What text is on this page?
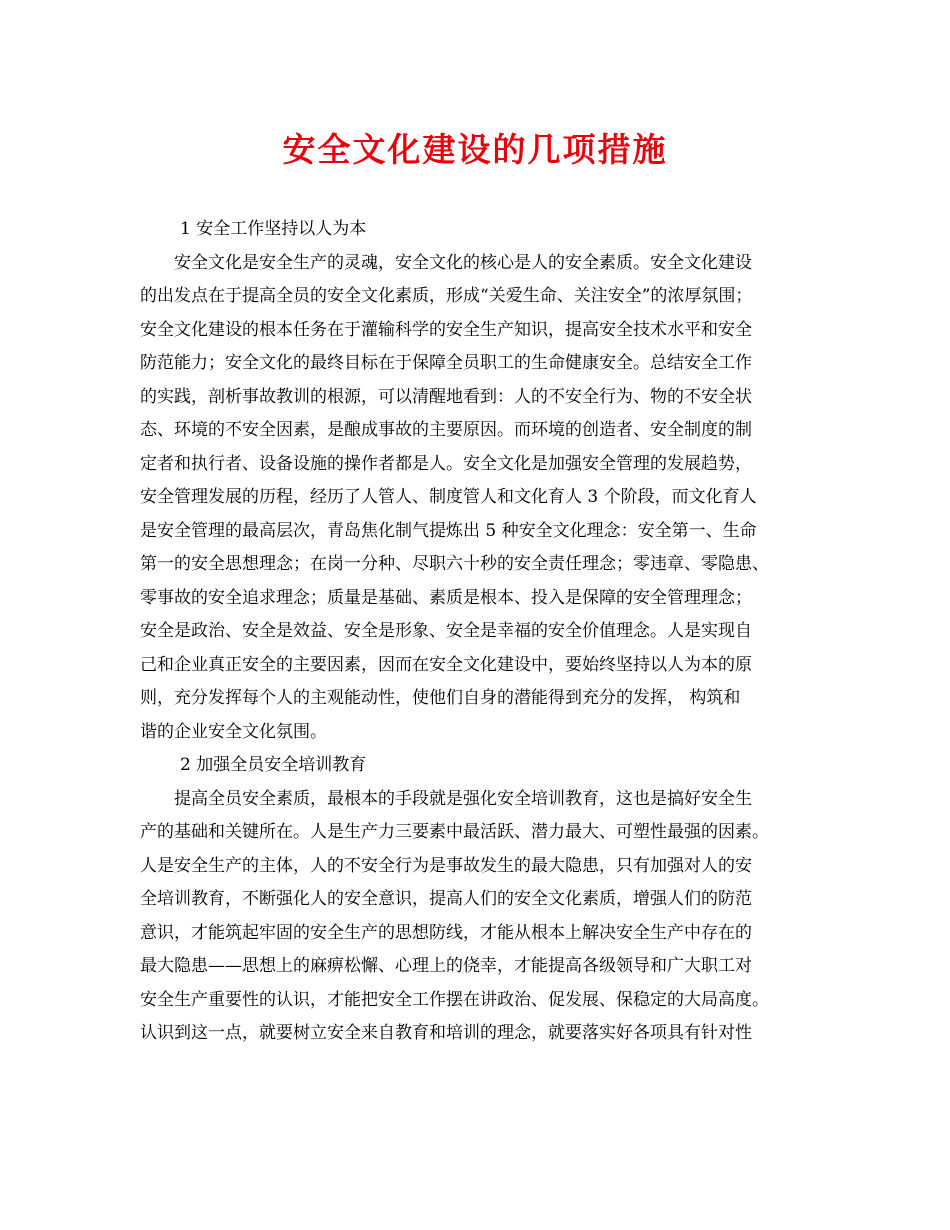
安全文化建设的几项措施

1 安全工作坚持以人为本

安全文化是安全生产的灵魂，安全文化的核心是人的安全素质。安全文化建设
的出发点在于提高全员的安全文化素质，形成“关爱生命、关注安全”的浓厚氛围；
安全文化建设的根本任务在于灌输科学的安全生产知识，提高安全技术水平和安全
防范能力；安全文化的最终目标在于保障全员职工的生命健康安全。总结安全工作
的实践，剖析事故教训的根源，可以清醒地看到：人的不安全行为、物的不安全状
态、环境的不安全因素，是酿成事故的主要原因。而环境的创造者、安全制度的制
定者和执行者、设备设施的操作者都是人。安全文化是加强安全管理的发展趋势，
安全管理发展的历程，经历了人管人、制度管人和文化育人 3 个阶段，而文化育人
是安全管理的最高层次，青岛焦化制气提炼出 5 种安全文化理念：安全第一、生命
第一的安全思想理念；在岗一分种、尽职六十秒的安全责任理念；零违章、零隐患、
零事故的安全追求理念；质量是基础、素质是根本、投入是保障的安全管理理念；
安全是政治、安全是效益、安全是形象、安全是幸福的安全价值理念。人是实现自
己和企业真正安全的主要因素，因而在安全文化建设中，要始终坚持以人为本的原
则，充分发挥每个人的主观能动性，使他们自身的潜能得到充分的发挥， 构筑和
谐的企业安全文化氛围。

2 加强全员安全培训教育

提高全员安全素质，最根本的手段就是强化安全培训教育，这也是搞好安全生
产的基础和关键所在。人是生产力三要素中最活跃、潜力最大、可塑性最强的因素。
人是安全生产的主体，人的不安全行为是事故发生的最大隐患，只有加强对人的安
全培训教育，不断强化人的安全意识，提高人们的安全文化素质，增强人们的防范
意识，才能筑起牢固的安全生产的思想防线，才能从根本上解决安全生产中存在的
最大隐患——思想上的麻痹松懈、心理上的侥幸，才能提高各级领导和广大职工对
安全生产重要性的认识，才能把安全工作摆在讲政治、促发展、保稳定的大局高度。
认识到这一点，就要树立安全来自教育和培训的理念，就要落实好各项具有针对性
